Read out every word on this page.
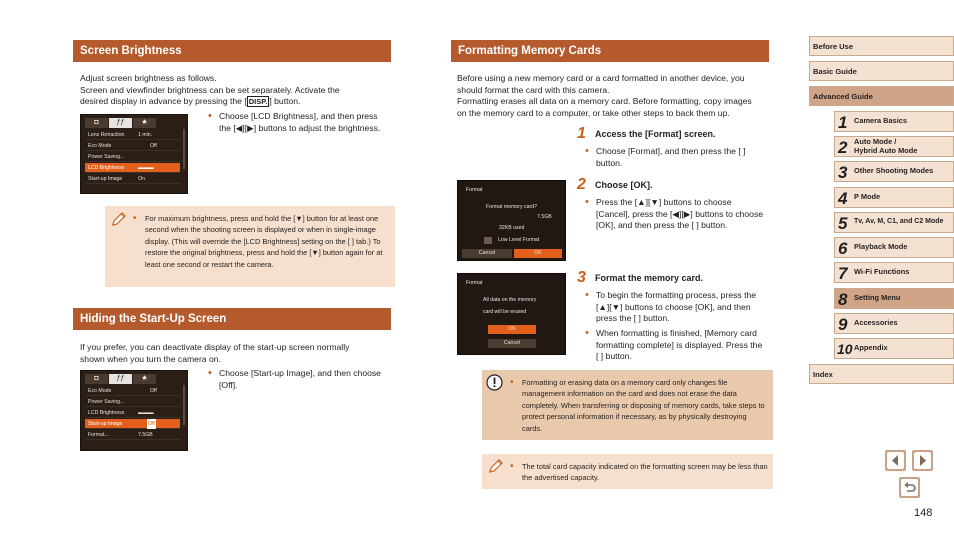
Screen Brightness
Adjust screen brightness as follows.
Screen and viewfinder brightness can be set separately. Activate the
desired display in advance by pressing the [ DISP. ] button.
◘	ƒƒ	★
Lens Retraction	1 min.
Eco Mode	Off
Power Saving...
LCD Brightness	▬▬▬
Start-up Image	On
• Choose [LCD Brightness], and then press the [◀][▶] buttons to adjust the brightness.
• For maximum brightness, press and hold the [▼] button for at least one second when the shooting screen is displayed or when in single-image display. (This will override the [LCD Brightness] setting on the [ ] tab.) To restore the original brightness, press and hold the [▼] button again for at least one second or restart the camera.
Hiding the Start-Up Screen
If you prefer, you can deactivate display of the start-up screen normally
shown when you turn the camera on.
◘	ƒƒ	★
Eco Mode	Off
Power Saving...
LCD Brightness	▬▬▬
Start-up Image	Off
Format...	7.5GB
• Choose [Start-up Image], and then choose [Off].
Formatting Memory Cards
Before using a new memory card or a card formatted in another device, you
should format the card with this camera.
Formatting erases all data on a memory card. Before formatting, copy images
on the memory card to a computer, or take other steps to back them up.
1 Access the [Format] screen.
• Choose [Format], and then press the [ ] button.
Format
Format memory card?
7.5GB
32KB used
Low Level Format
Cancel	OK
2 Choose [OK].
• Press the [▲][▼] buttons to choose [Cancel], press the [◀][▶] buttons to choose [OK], and then press the [ ] button.
Format
All data on the memory
card will be erased
OK
Cancel
3 Format the memory card.
• To begin the formatting process, press the [▲][▼] buttons to choose [OK], and then press the [ ] button.
• When formatting is finished, [Memory card formatting complete] is displayed. Press the [ ] button.
• Formatting or erasing data on a memory card only changes file management information on the card and does not erase the data completely. When transferring or disposing of memory cards, take steps to protect personal information if necessary, as by physically destroying cards.
• The total card capacity indicated on the formatting screen may be less than the advertised capacity.
Before Use
Basic Guide
Advanced Guide
1 Camera Basics
2 Auto Mode /
Hybrid Auto Mode
3 Other Shooting Modes
4 P Mode
5 Tv, Av, M, C1, and C2 Mode
6 Playback Mode
7 Wi-Fi Functions
8 Setting Menu
9 Accessories
10 Appendix
Index
148
